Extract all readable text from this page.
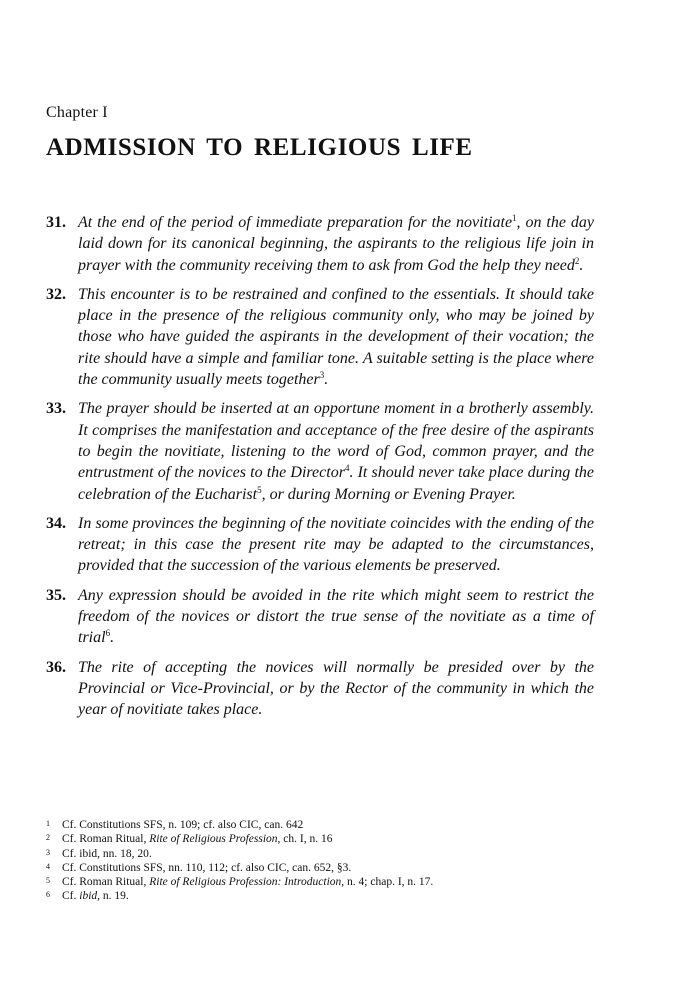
Chapter I
ADMISSION TO RELIGIOUS LIFE
31. At the end of the period of immediate preparation for the novitiate$^1$, on the day laid down for its canonical beginning, the aspirants to the religious life join in prayer with the community receiving them to ask from God the help they need$^2$.

32. This encounter is to be restrained and confined to the essentials. It should take place in the presence of the religious community only, who may be joined by those who have guided the aspirants in the development of their vocation; the rite should have a simple and familiar tone. A suitable setting is the place where the community usually meets together$^3$.

33. The prayer should be inserted at an opportune moment in a brotherly assembly. It comprises the manifestation and acceptance of the free desire of the aspirants to begin the novitiate, listening to the word of God, common prayer, and the entrustment of the novices to the Director$^4$. It should never take place during the celebration of the Eucharist$^5$, or during Morning or Evening Prayer.

34. In some provinces the beginning of the novitiate coincides with the ending of the retreat; in this case the present rite may be adapted to the circumstances, provided that the succession of the various elements be preserved.

35. Any expression should be avoided in the rite which might seem to restrict the freedom of the novices or distort the true sense of the novitiate as a time of trial$^6$.

36. The rite of accepting the novices will normally be presided over by the Provincial or Vice-Provincial, or by the Rector of the community in which the year of novitiate takes place.

1 Cf. Constitutions SFS, n. 109; cf. also CIC, can. 642
2 Cf. Roman Ritual, Rite of Religious Profession, ch. I, n. 16
3 Cf. ibid, nn. 18, 20.
4 Cf. Constitutions SFS, nn. 110, 112; cf. also CIC, can. 652, §3.
5 Cf. Roman Ritual, Rite of Religious Profession: Introduction, n. 4; chap. I, n. 17.
6 Cf. ibid, n. 19.
